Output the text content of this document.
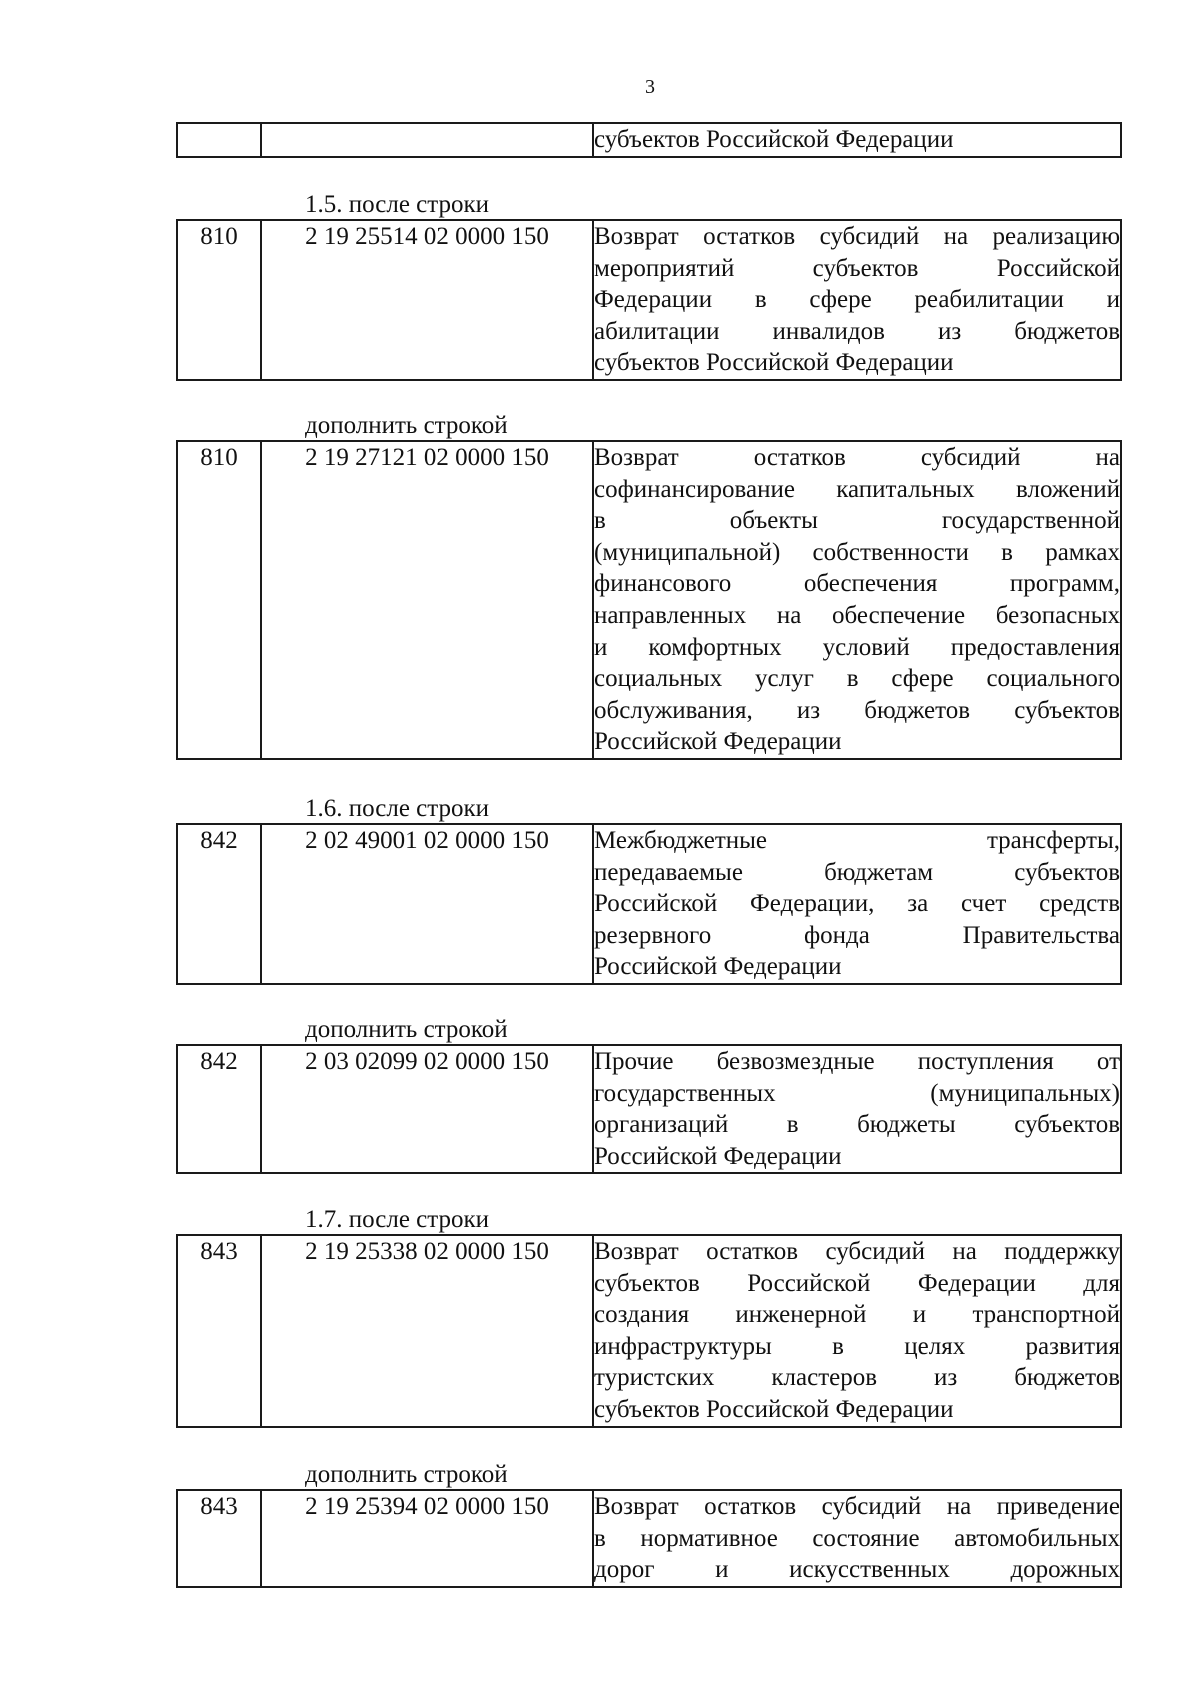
3

субъектов Российской Федерации
1.5. после строки
810	2 19 25514 02 0000 150	Возврат остатков субсидий на реализацию
мероприятий субъектов Российской
Федерации в сфере реабилитации и
абилитации инвалидов из бюджетов
субъектов Российской Федерации
дополнить строкой
810	2 19 27121 02 0000 150	Возврат остатков субсидий на
софинансирование капитальных вложений
в объекты государственной
(муниципальной) собственности в рамках
финансового обеспечения программ,
направленных на обеспечение безопасных
и комфортных условий предоставления
социальных услуг в сфере социального
обслуживания, из бюджетов субъектов
Российской Федерации
1.6. после строки
842	2 02 49001 02 0000 150	Межбюджетные трансферты,
передаваемые бюджетам субъектов
Российской Федерации, за счет средств
резервного фонда Правительства
Российской Федерации
дополнить строкой
842	2 03 02099 02 0000 150	Прочие безвозмездные поступления от
государственных (муниципальных)
организаций в бюджеты субъектов
Российской Федерации
1.7. после строки
843	2 19 25338 02 0000 150	Возврат остатков субсидий на поддержку
субъектов Российской Федерации для
создания инженерной и транспортной
инфраструктуры в целях развития
туристских кластеров из бюджетов
субъектов Российской Федерации
дополнить строкой
843	2 19 25394 02 0000 150	Возврат остатков субсидий на приведение
в нормативное состояние автомобильных
дорог и искусственных дорожных
